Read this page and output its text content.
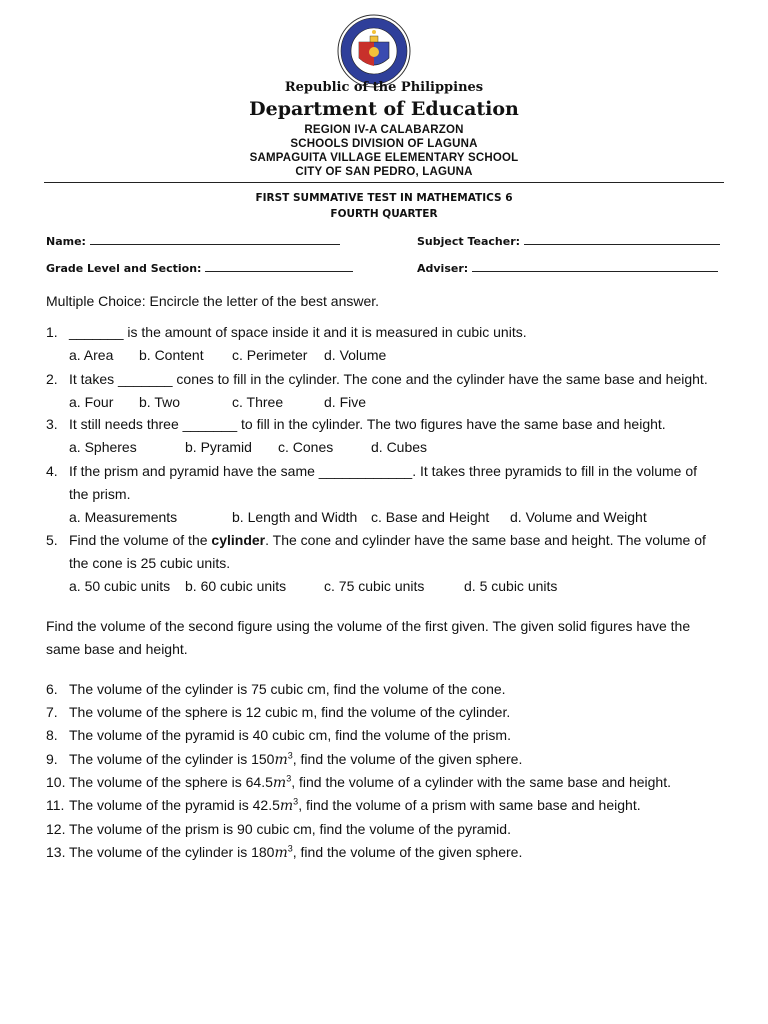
Republic of the Philippines
Department of Education
REGION IV-A CALABARZON
SCHOOLS DIVISION OF LAGUNA
SAMPAGUITA VILLAGE ELEMENTARY SCHOOL
CITY OF SAN PEDRO, LAGUNA
FIRST SUMMATIVE TEST IN MATHEMATICS 6
FOURTH QUARTER
Name:	Subject Teacher:
Grade Level and Section:	Adviser:
Multiple Choice: Encircle the letter of the best answer.
1. _______ is the amount of space inside it and it is measured in cubic units.
a. Area b. Content c. Perimeter d. Volume
2. It takes _______ cones to fill in the cylinder. The cone and the cylinder have the same base and height.
a. Four b. Two	c. Three	d. Five
3. It still needs three _______ to fill in the cylinder. The two figures have the same base and height.
a. Spheres	b. Pyramid c. Cones	d. Cubes
4. If the prism and pyramid have the same ____________. It takes three pyramids to fill in the volume of
the prism.
a. Measurements	b. Length and Width c. Base and Height d. Volume and Weight
5. Find the volume of the cylinder. The cone and cylinder have the same base and height. The volume of
the cone is 25 cubic units.
a. 50 cubic units b. 60 cubic units	c. 75 cubic units	d. 5 cubic units
Find the volume of the second figure using the volume of the first given. The given solid figures have the
same base and height.
6. The volume of the cylinder is 75 cubic cm, find the volume of the cone.
7. The volume of the sphere is 12 cubic m, find the volume of the cylinder.
8. The volume of the pyramid is 40 cubic cm, find the volume of the prism.
9. The volume of the cylinder is $150m^3$, find the volume of the given sphere.
10. The volume of the sphere is $64.5m^3$, find the volume of a cylinder with the same base and height.
11. The volume of the pyramid is $42.5m^3$, find the volume of a prism with same base and height.
12. The volume of the prism is 90 cubic cm, find the volume of the pyramid.
13. The volume of the cylinder is $180m^3$, find the volume of the given sphere.
